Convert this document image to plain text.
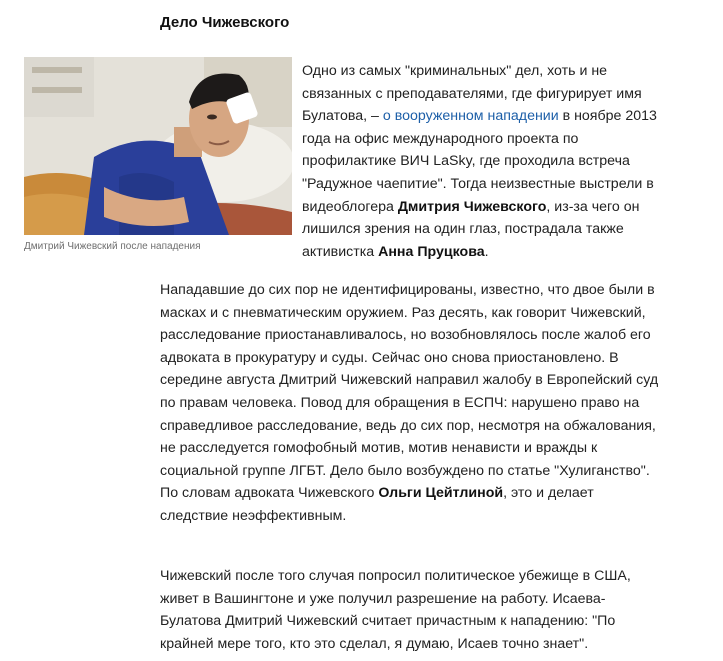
Дело Чижевского
Дмитрий Чижевский после нападения
Одно из самых "криминальных" дел, хоть и не связанных с преподавателями, где фигурирует имя Булатова, – о вооруженном нападении в ноябре 2013 года на офис международного проекта по профилактике ВИЧ LaSky, где проходила встреча "Радужное чаепитие". Тогда неизвестные выстрели в видеоблогера Дмитрия Чижевского, из-за чего он лишился зрения на один глаз, пострадала также активистка Анна Пруцкова.
Нападавшие до сих пор не идентифицированы, известно, что двое были в масках и с пневматическим оружием. Раз десять, как говорит Чижевский, расследование приостанавливалось, но возобновлялось после жалоб его адвоката в прокуратуру и суды. Сейчас оно снова приостановлено. В середине августа Дмитрий Чижевский направил жалобу в Европейский суд по правам человека. Повод для обращения в ЕСПЧ: нарушено право на справедливое расследование, ведь до сих пор, несмотря на обжалования, не расследуется гомофобный мотив, мотив ненависти и вражды к социальной группе ЛГБТ. Дело было возбуждено по статье "Хулиганство". По словам адвоката Чижевского Ольги Цейтлиной, это и делает следствие неэффективным.
Чижевский после того случая попросил политическое убежище в США, живет в Вашингтоне и уже получил разрешение на работу. Исаева-Булатова Дмитрий Чижевский считает причастным к нападению: "По крайней мере того, кто это сделал, я думаю, Исаев точно знает".
